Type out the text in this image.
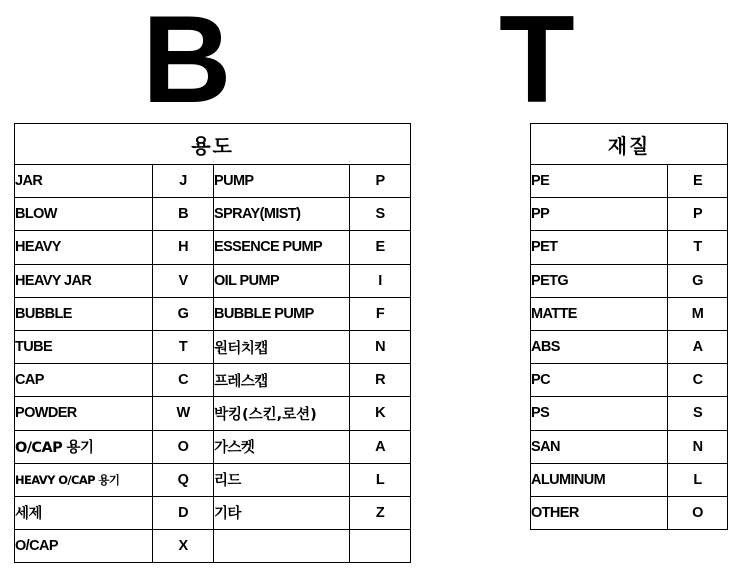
B T
용도			
JAR	J	PUMP	P
BLOW	B	SPRAY(MIST)	S
HEAVY	H	ESSENCE PUMP	E
HEAVY JAR	V	OIL PUMP	I
BUBBLE	G	BUBBLE PUMP	F
TUBE	T	원터치캡	N
CAP	C	프레스캡	R
POWDER	W	박킹(스킨,로션)	K
O/CAP 용기	O	가스켓	A
HEAVY O/CAP 용기	Q	리드	L
세제	D	기타	Z
O/CAP	X		
재질	
PE	E
PP	P
PET	T
PETG	G
MATTE	M
ABS	A
PC	C
PS	S
SAN	N
ALUMINUM	L
OTHER	O
